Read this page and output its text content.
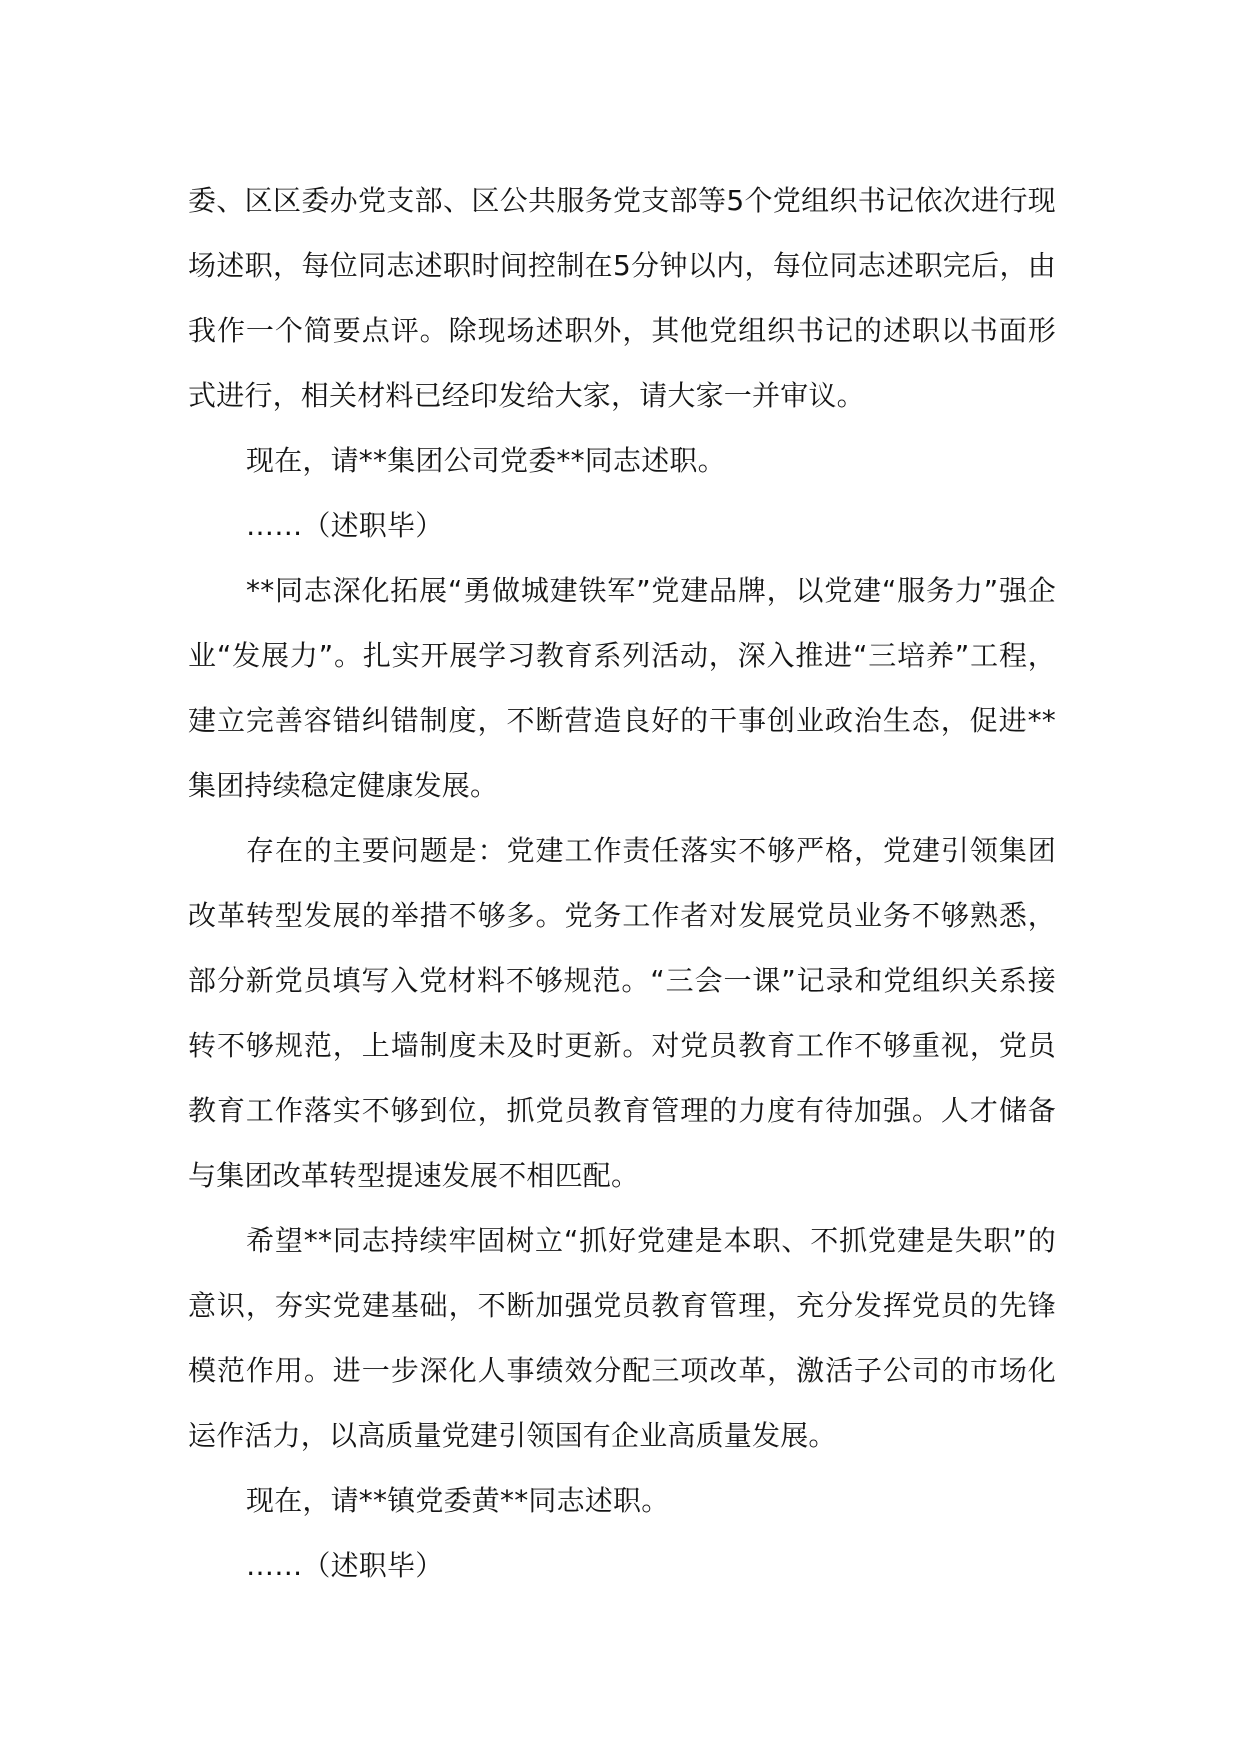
委、区区委办党支部、区公共服务党支部等5个党组织书记依次进行现场述职，每位同志述职时间控制在5分钟以内，每位同志述职完后，由我作一个简要点评。除现场述职外，其他党组织书记的述职以书面形式进行，相关材料已经印发给大家，请大家一并审议。

现在，请**集团公司党委**同志述职。

……（述职毕）

**同志深化拓展“勇做城建铁军”党建品牌，以党建“服务力”强企业“发展力”。扎实开展学习教育系列活动，深入推进“三培养”工程，建立完善容错纠错制度，不断营造良好的干事创业政治生态，促进**集团持续稳定健康发展。

存在的主要问题是：党建工作责任落实不够严格，党建引领集团改革转型发展的举措不够多。党务工作者对发展党员业务不够熟悉，部分新党员填写入党材料不够规范。“三会一课”记录和党组织关系接转不够规范，上墙制度未及时更新。对党员教育工作不够重视，党员教育工作落实不够到位，抓党员教育管理的力度有待加强。人才储备与集团改革转型提速发展不相匹配。

希望**同志持续牢固树立“抓好党建是本职、不抓党建是失职”的意识，夯实党建基础，不断加强党员教育管理，充分发挥党员的先锋模范作用。进一步深化人事绩效分配三项改革，激活子公司的市场化运作活力，以高质量党建引领国有企业高质量发展。

现在，请**镇党委黄**同志述职。

……（述职毕）
